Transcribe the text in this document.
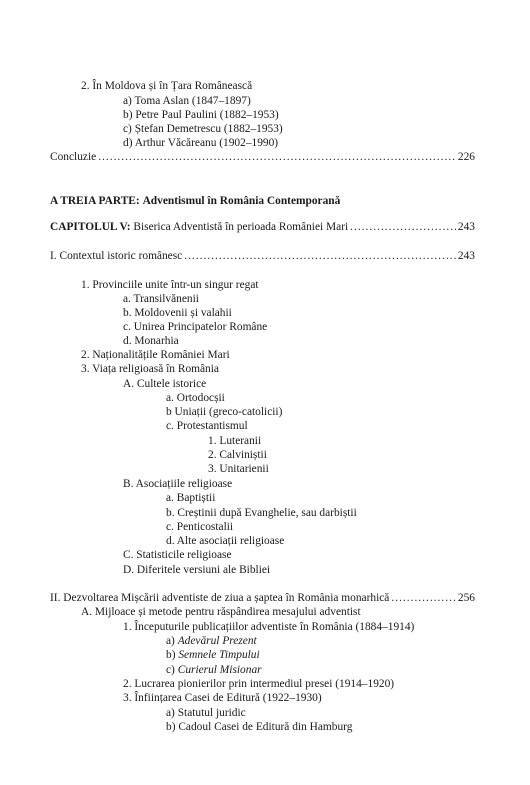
2. În Moldova și în Țara Românească
a) Toma Aslan (1847–1897)
b) Petre Paul Paulini (1882–1953)
c) Ștefan Demetrescu (1882–1953)
d) Arthur Văcăreanu (1902–1990)
Concluzie .....	226
A TREIA PARTE: Adventismul în România Contemporană
CAPITOLUL V: Biserica Adventistă în perioada României Mari .....	243
I. Contextul istoric românesc .....	243
1. Provinciile unite într-un singur regat
a. Transilvănenii
b. Moldovenii și valahii
c. Unirea Principatelor Române
d. Monarhia
2. Naționalitățile României Mari
3. Viața religioasă în România
A. Cultele istorice
a. Ortodocșii
b Uniații (greco-catolicii)
c. Protestantismul
1. Luteranii
2. Calviniștii
3. Unitarienii
B. Asociațiile religioase
a. Baptiștii
b. Creștinii după Evanghelie, sau darbiștii
c. Penticostalii
d. Alte asociații religioase
C. Statisticile religioase
D. Diferitele versiuni ale Bibliei
II. Dezvoltarea Mișcării adventiste de ziua a șaptea în România monarhică .....	256
A. Mijloace și metode pentru răspândirea mesajului adventist
1. Începuturile publicațiilor adventiste în România (1884–1914)
a) Adevărul Prezent
b) Semnele Timpului
c) Curierul Misionar
2. Lucrarea pionierilor prin intermediul presei (1914–1920)
3. Înființarea Casei de Editură (1922–1930)
a) Statutul juridic
b) Cadoul Casei de Editură din Hamburg
